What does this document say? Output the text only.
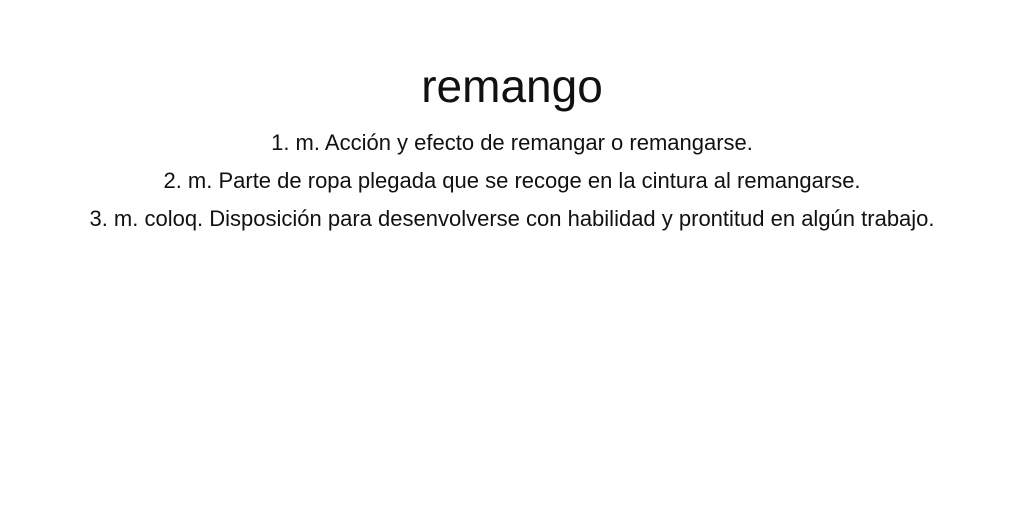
remango
1. m. Acción y efecto de remangar o remangarse.
2. m. Parte de ropa plegada que se recoge en la cintura al remangarse.
3. m. coloq. Disposición para desenvolverse con habilidad y prontitud en algún trabajo.
